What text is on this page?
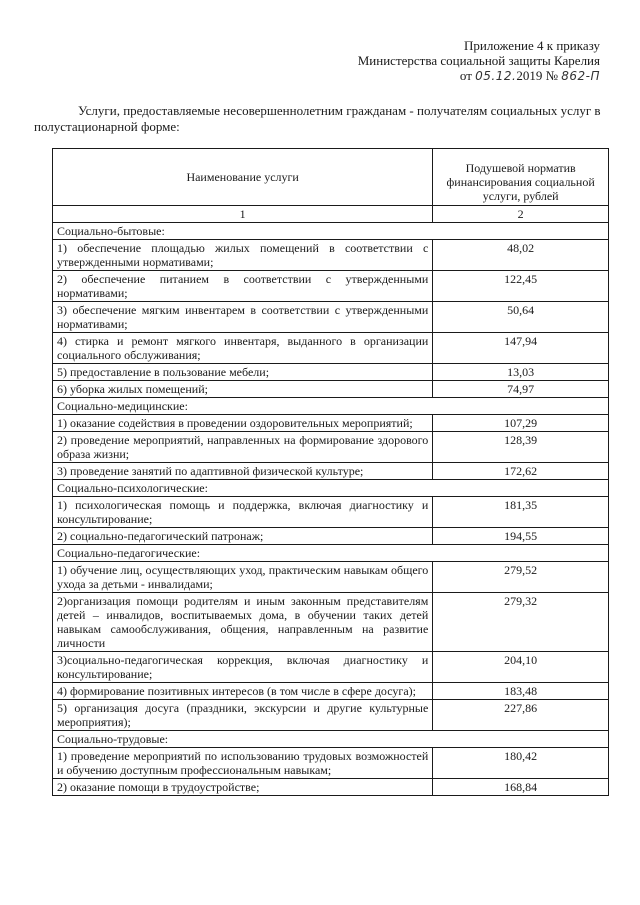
Приложение 4 к приказу
Министерства социальной защиты Карелия
от 05.12.2019 № 862-П
Услуги, предоставляемые несовершеннолетним гражданам - получателям социальных услуг в полустационарной форме:
Наименование услуги	Подушевой норматив финансирования социальной услуги, рублей
1	2
Социально-бытовые:	
1) обеспечение площадью жилых помещений в соответствии с утвержденными нормативами;	48,02
2) обеспечение питанием в соответствии с утвержденными нормативами;	122,45
3) обеспечение мягким инвентарем в соответствии с утвержденными нормативами;	50,64
4) стирка и ремонт мягкого инвентаря, выданного в организации социального обслуживания;	147,94
5) предоставление в пользование мебели;	13,03
6) уборка жилых помещений;	74,97
Социально-медицинские:	
1) оказание содействия в проведении оздоровительных мероприятий;	107,29
2) проведение мероприятий, направленных на формирование здорового образа жизни;	128,39
3) проведение занятий по адаптивной физической культуре;	172,62
Социально-психологические:	
1) психологическая помощь и поддержка, включая диагностику и консультирование;	181,35
2) социально-педагогический патронаж;	194,55
Социально-педагогические:	
1) обучение лиц, осуществляющих уход, практическим навыкам общего ухода за детьми - инвалидами;	279,52
2)организация помощи родителям и иным законным представителям детей – инвалидов, воспитываемых дома, в обучении таких детей навыкам самообслуживания, общения, направленным на развитие личности	279,32
3)социально-педагогическая коррекция, включая диагностику и консультирование;	204,10
4) формирование позитивных интересов (в том числе в сфере досуга);	183,48
5) организация досуга (праздники, экскурсии и другие культурные мероприятия);	227,86
Социально-трудовые:	
1) проведение мероприятий по использованию трудовых возможностей и обучению доступным профессиональным навыкам;	180,42
2) оказание помощи в трудоустройстве;	168,84
